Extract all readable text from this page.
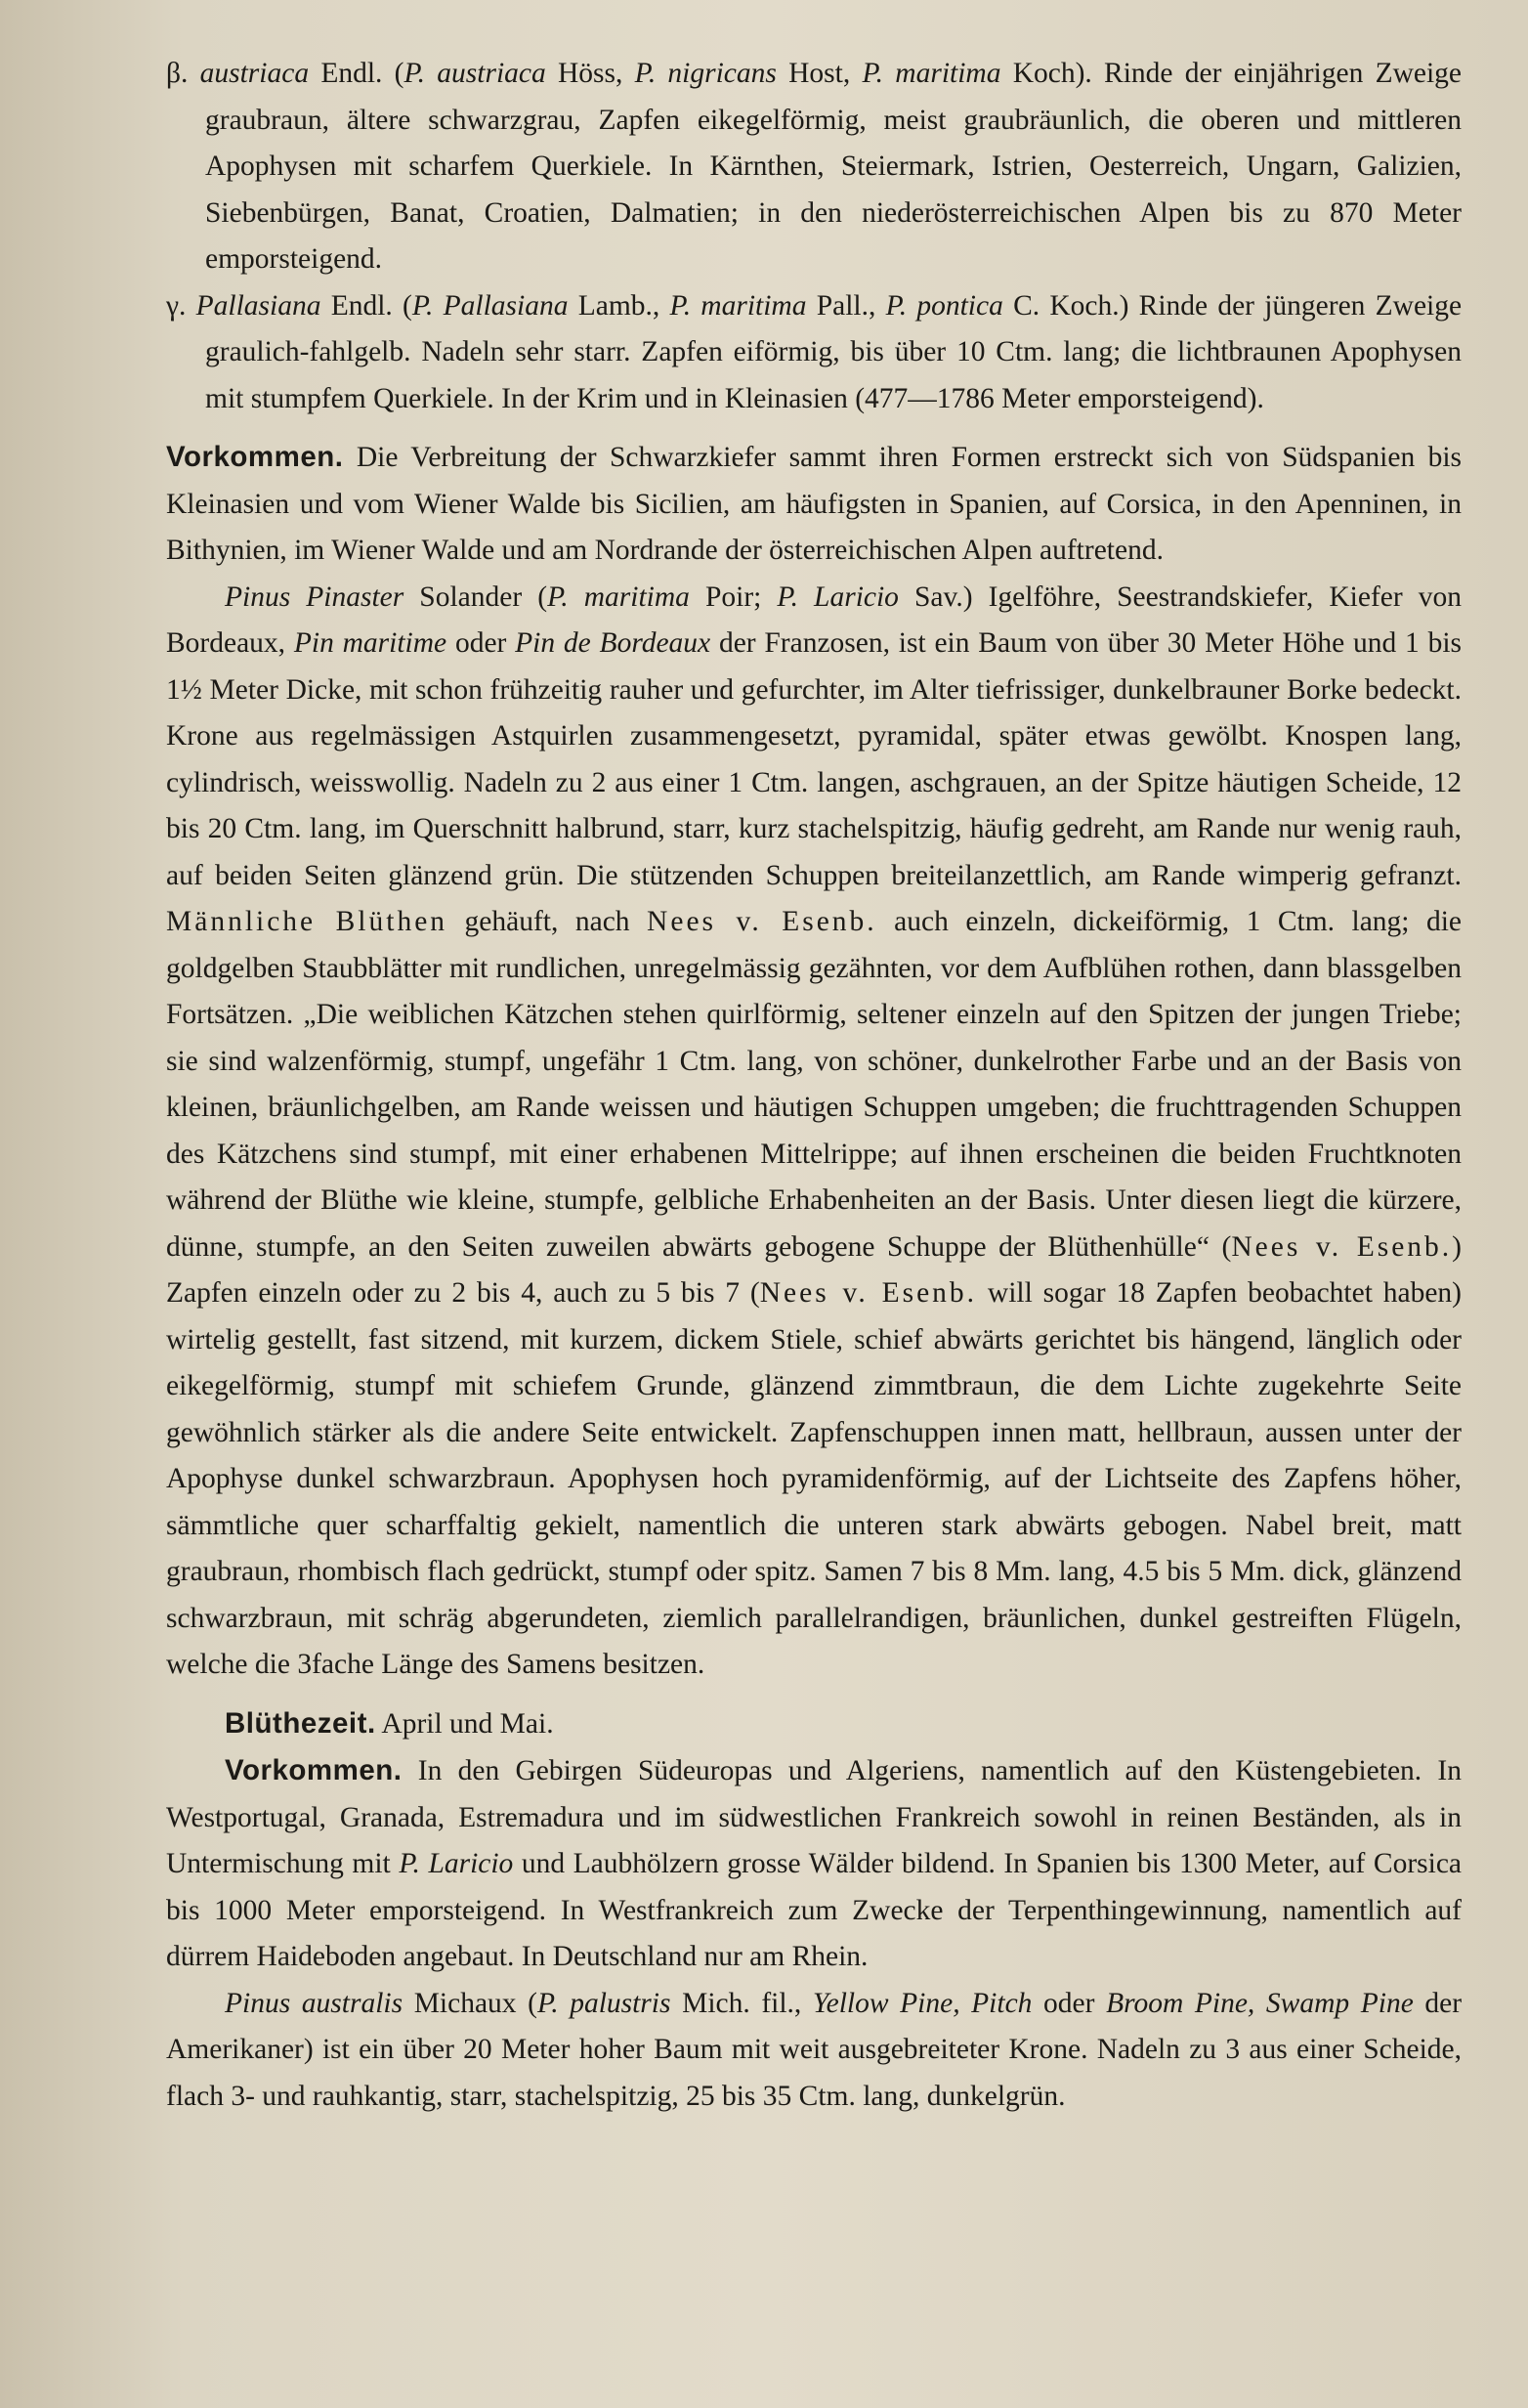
β. austriaca Endl. (P. austriaca Höss, P. nigricans Host, P. maritima Koch). Rinde der einjährigen Zweige graubraun, ältere schwarzgrau, Zapfen eikegelförmig, meist graubräunlich, die oberen und mittleren Apophysen mit scharfem Querkiele. In Kärnthen, Steiermark, Istrien, Oesterreich, Ungarn, Galizien, Siebenbürgen, Banat, Croatien, Dalmatien; in den niederösterreichischen Alpen bis zu 870 Meter emporsteigend.

γ. Pallasiana Endl. (P. Pallasiana Lamb., P. maritima Pall., P. pontica C. Koch.) Rinde der jüngeren Zweige graulich-fahlgelb. Nadeln sehr starr. Zapfen eiförmig, bis über 10 Ctm. lang; die lichtbraunen Apophysen mit stumpfem Querkiele. In der Krim und in Kleinasien (477—1786 Meter emporsteigend).

Vorkommen. Die Verbreitung der Schwarzkiefer sammt ihren Formen erstreckt sich von Südspanien bis Kleinasien und vom Wiener Walde bis Sicilien, am häufigsten in Spanien, auf Corsica, in den Apenninen, in Bithynien, im Wiener Walde und am Nordrande der österreichischen Alpen auftretend.

Pinus Pinaster Solander (P. maritima Poir; P. Laricio Sav.) Igelföhre, Seestrandskiefer, Kiefer von Bordeaux, Pin maritime oder Pin de Bordeaux der Franzosen, ist ein Baum von über 30 Meter Höhe und 1 bis 1½ Meter Dicke, mit schon frühzeitig rauher und gefurchter, im Alter tiefrissiger, dunkelbrauner Borke bedeckt. Krone aus regelmässigen Astquirlen zusammengesetzt, pyramidal, später etwas gewölbt. Knospen lang, cylindrisch, weisswollig. Nadeln zu 2 aus einer 1 Ctm. langen, aschgrauen, an der Spitze häutigen Scheide, 12 bis 20 Ctm. lang, im Querschnitt halbrund, starr, kurz stachelspitzig, häufig gedreht, am Rande nur wenig rauh, auf beiden Seiten glänzend grün. Die stützenden Schuppen breiteilanzettlich, am Rande wimperig gefranzt. Männliche Blüthen gehäuft, nach Nees v. Esenb. auch einzeln, dickeiförmig, 1 Ctm. lang; die goldgelben Staubblätter mit rundlichen, unregelmässig gezähnten, vor dem Aufblühen rothen, dann blassgelben Fortsätzen. „Die weiblichen Kätzchen stehen quirlförmig, seltener einzeln auf den Spitzen der jungen Triebe; sie sind walzenförmig, stumpf, ungefähr 1 Ctm. lang, von schöner, dunkelrother Farbe und an der Basis von kleinen, bräunlichgelben, am Rande weissen und häutigen Schuppen umgeben; die fruchttragenden Schuppen des Kätzchens sind stumpf, mit einer erhabenen Mittelrippe; auf ihnen erscheinen die beiden Fruchtknoten während der Blüthe wie kleine, stumpfe, gelbliche Erhabenheiten an der Basis. Unter diesen liegt die kürzere, dünne, stumpfe, an den Seiten zuweilen abwärts gebogene Schuppe der Blüthenhülle“ (Nees v. Esenb.) Zapfen einzeln oder zu 2 bis 4, auch zu 5 bis 7 (Nees v. Esenb. will sogar 18 Zapfen beobachtet haben) wirtelig gestellt, fast sitzend, mit kurzem, dickem Stiele, schief abwärts gerichtet bis hängend, länglich oder eikegelförmig, stumpf mit schiefem Grunde, glänzend zimmtbraun, die dem Lichte zugekehrte Seite gewöhnlich stärker als die andere Seite entwickelt. Zapfenschuppen innen matt, hellbraun, aussen unter der Apophyse dunkel schwarzbraun. Apophysen hoch pyramidenförmig, auf der Lichtseite des Zapfens höher, sämmtliche quer scharffaltig gekielt, namentlich die unteren stark abwärts gebogen. Nabel breit, matt graubraun, rhombisch flach gedrückt, stumpf oder spitz. Samen 7 bis 8 Mm. lang, 4.5 bis 5 Mm. dick, glänzend schwarzbraun, mit schräg abgerundeten, ziemlich parallelrandigen, bräunlichen, dunkel gestreiften Flügeln, welche die 3fache Länge des Samens besitzen.

Blüthezeit. April und Mai.

Vorkommen. In den Gebirgen Südeuropas und Algeriens, namentlich auf den Küstengebieten. In Westportugal, Granada, Estremadura und im südwestlichen Frankreich sowohl in reinen Beständen, als in Untermischung mit P. Laricio und Laubhölzern grosse Wälder bildend. In Spanien bis 1300 Meter, auf Corsica bis 1000 Meter emporsteigend. In Westfrankreich zum Zwecke der Terpenthingewinnung, namentlich auf dürrem Haideboden angebaut. In Deutschland nur am Rhein.

Pinus australis Michaux (P. palustris Mich. fil., Yellow Pine, Pitch oder Broom Pine, Swamp Pine der Amerikaner) ist ein über 20 Meter hoher Baum mit weit ausgebreiteter Krone. Nadeln zu 3 aus einer Scheide, flach 3- und rauhkantig, starr, stachelspitzig, 25 bis 35 Ctm. lang, dunkelgrün.
